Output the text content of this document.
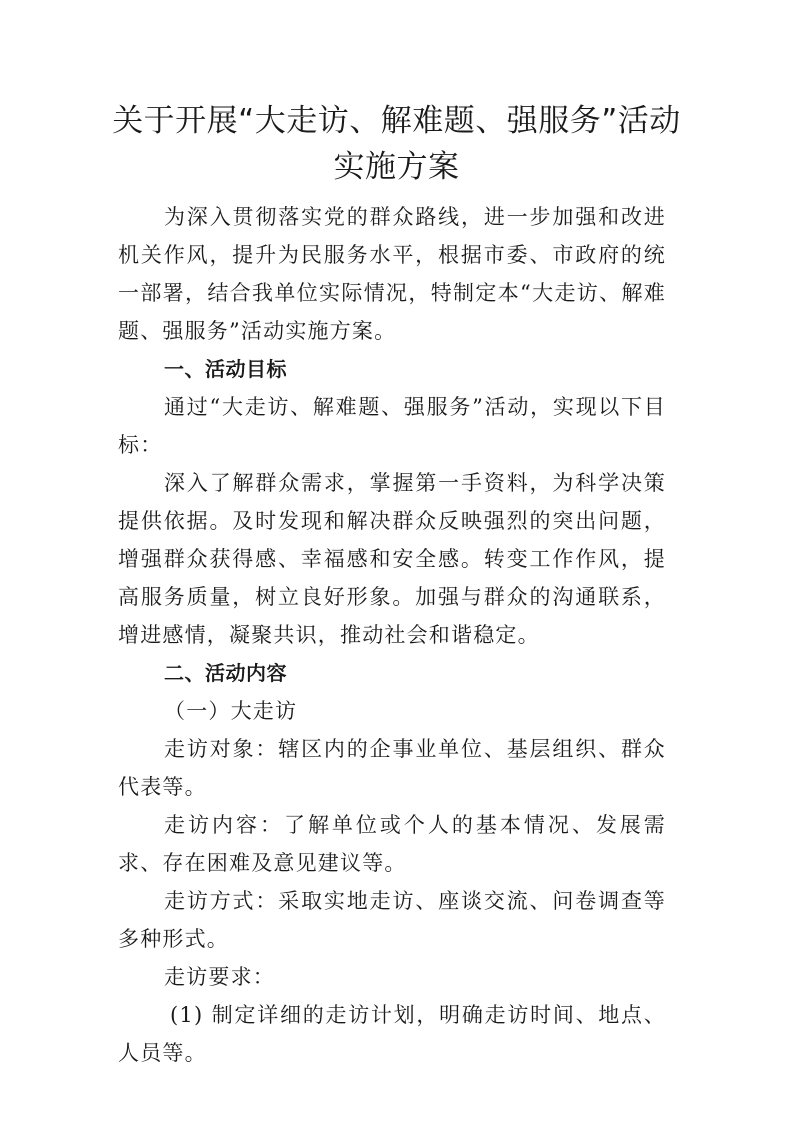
关于开展“大走访、解难题、强服务”活动实施方案

为深入贯彻落实党的群众路线，进一步加强和改进机关作风，提升为民服务水平，根据市委、市政府的统一部署，结合我单位实际情况，特制定本“大走访、解难题、强服务”活动实施方案。

一、活动目标

通过“大走访、解难题、强服务”活动，实现以下目标：

深入了解群众需求，掌握第一手资料，为科学决策提供依据。及时发现和解决群众反映强烈的突出问题，增强群众获得感、幸福感和安全感。转变工作作风，提高服务质量，树立良好形象。加强与群众的沟通联系，增进感情，凝聚共识，推动社会和谐稳定。

二、活动内容

（一）大走访

走访对象：辖区内的企事业单位、基层组织、群众代表等。

走访内容：了解单位或个人的基本情况、发展需求、存在困难及意见建议等。

走访方式：采取实地走访、座谈交流、问卷调查等多种形式。

走访要求：

(1) 制定详细的走访计划，明确走访时间、地点、人员等。
